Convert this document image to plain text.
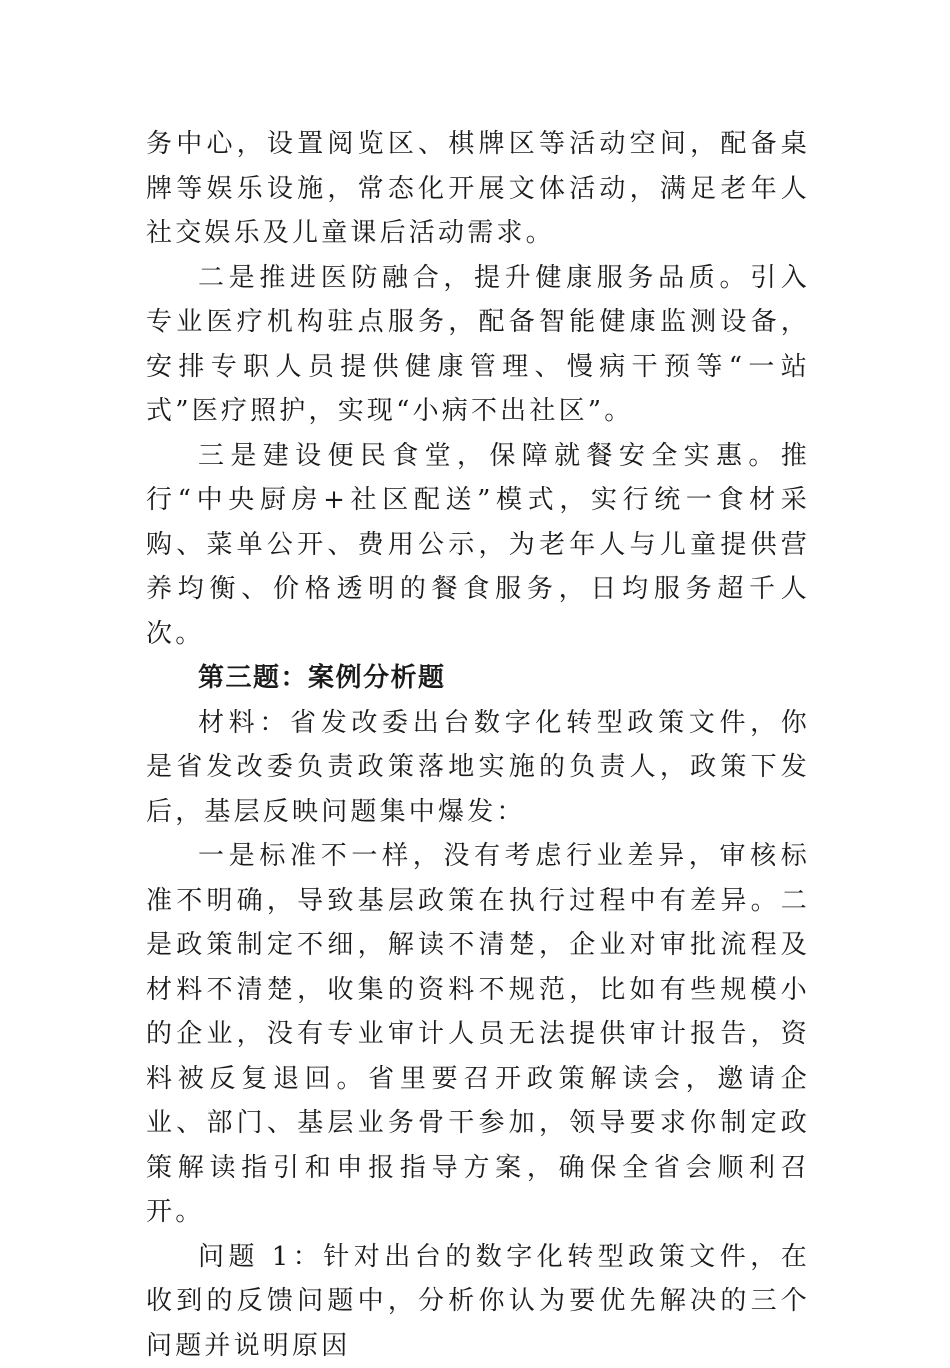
务中心，设置阅览区、棋牌区等活动空间，配备桌牌等娱乐设施，常态化开展文体活动，满足老年人社交娱乐及儿童课后活动需求。

二是推进医防融合，提升健康服务品质。引入专业医疗机构驻点服务，配备智能健康监测设备，安排专职人员提供健康管理、慢病干预等“一站式”医疗照护，实现“小病不出社区”。

三是建设便民食堂，保障就餐安全实惠。推行“中央厨房+社区配送”模式，实行统一食材采购、菜单公开、费用公示，为老年人与儿童提供营养均衡、价格透明的餐食服务，日均服务超千人次。

第三题：案例分析题

材料：省发改委出台数字化转型政策文件，你是省发改委负责政策落地实施的负责人，政策下发后，基层反映问题集中爆发：

一是标准不一样，没有考虑行业差异，审核标准不明确，导致基层政策在执行过程中有差异。二是政策制定不细，解读不清楚，企业对审批流程及材料不清楚，收集的资料不规范，比如有些规模小的企业，没有专业审计人员无法提供审计报告，资料被反复退回。省里要召开政策解读会，邀请企业、部门、基层业务骨干参加，领导要求你制定政策解读指引和申报指导方案，确保全省会顺利召开。

问题 1：针对出台的数字化转型政策文件，在收到的反馈问题中，分析你认为要优先解决的三个问题并说明原因
